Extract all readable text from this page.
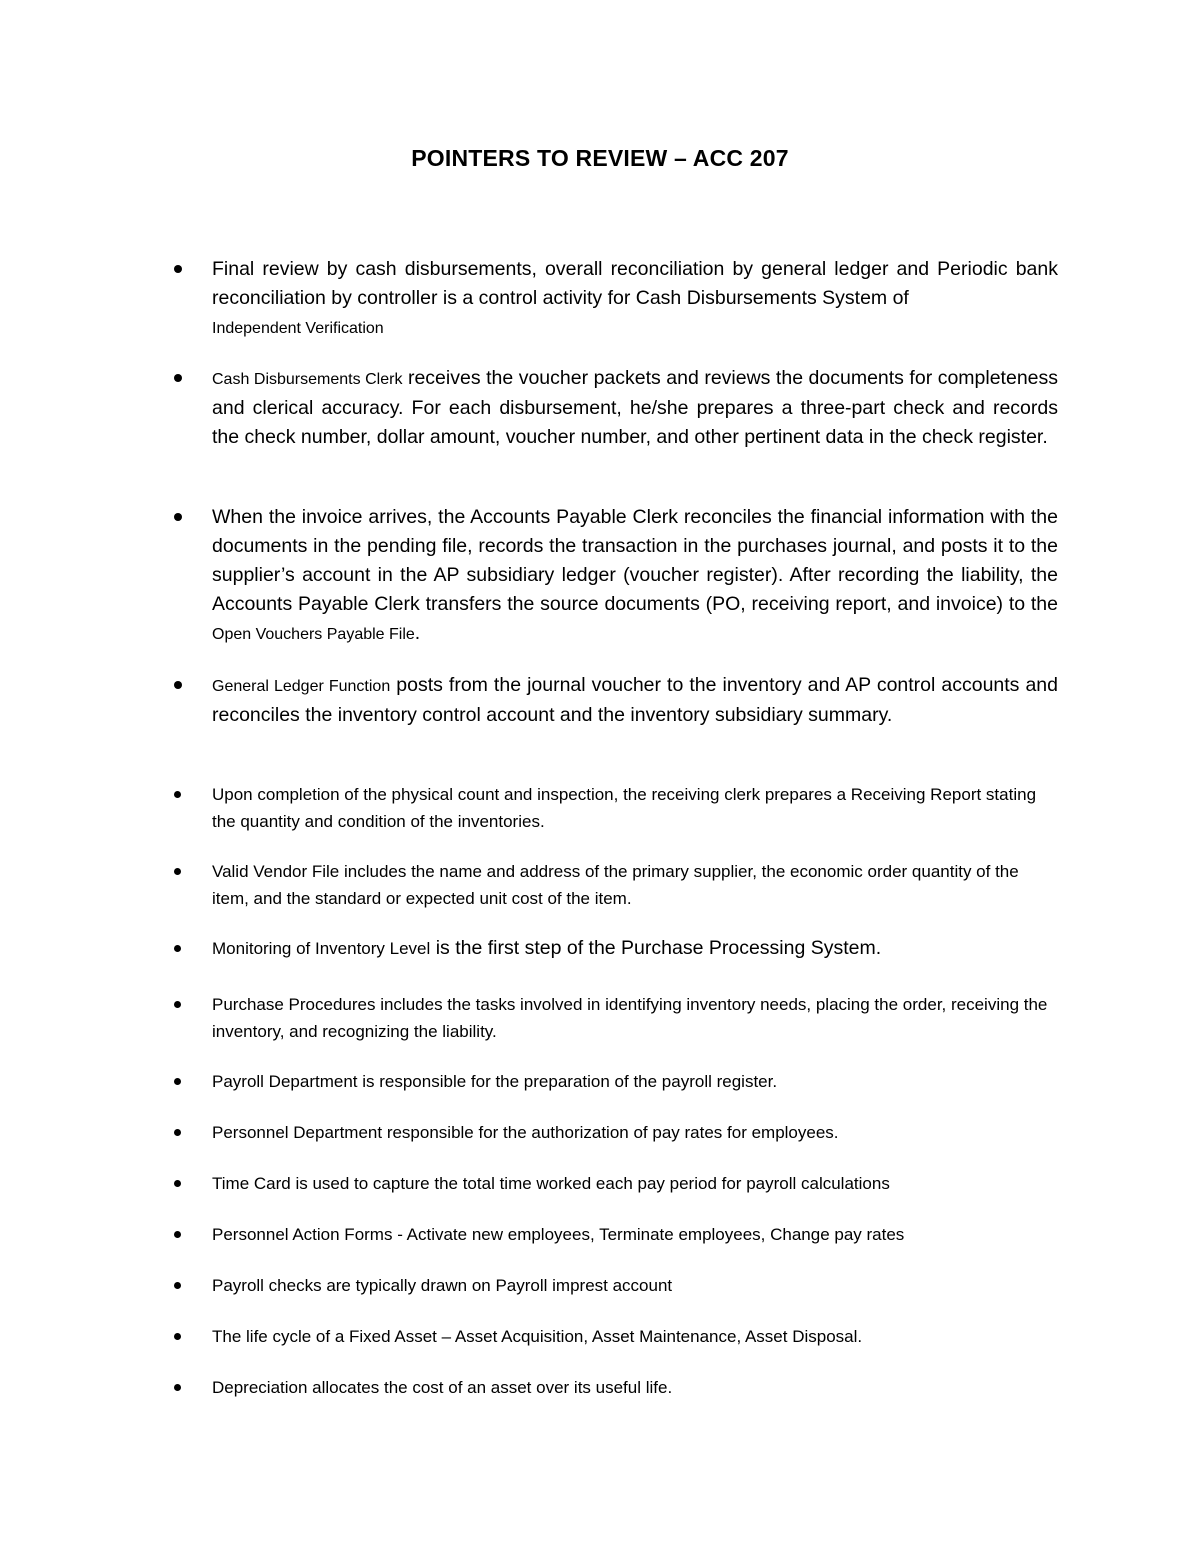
POINTERS TO REVIEW – ACC 207
Final review by cash disbursements, overall reconciliation by general ledger and Periodic bank reconciliation by controller is a control activity for Cash Disbursements System of
Independent Verification
Cash Disbursements Clerk receives the voucher packets and reviews the documents for completeness and clerical accuracy. For each disbursement, he/she prepares a three-part check and records the check number, dollar amount, voucher number, and other pertinent data in the check register.
When the invoice arrives, the Accounts Payable Clerk reconciles the financial information with the documents in the pending file, records the transaction in the purchases journal, and posts it to the supplier’s account in the AP subsidiary ledger (voucher register). After recording the liability, the Accounts Payable Clerk transfers the source documents (PO, receiving report, and invoice) to the Open Vouchers Payable File.
General Ledger Function posts from the journal voucher to the inventory and AP control accounts and reconciles the inventory control account and the inventory subsidiary summary.
Upon completion of the physical count and inspection, the receiving clerk prepares a Receiving Report stating the quantity and condition of the inventories.
Valid Vendor File includes the name and address of the primary supplier, the economic order quantity of the item, and the standard or expected unit cost of the item.
Monitoring of Inventory Level is the first step of the Purchase Processing System.
Purchase Procedures includes the tasks involved in identifying inventory needs, placing the order, receiving the inventory, and recognizing the liability.
Payroll Department is responsible for the preparation of the payroll register.
Personnel Department responsible for the authorization of pay rates for employees.
Time Card is used to capture the total time worked each pay period for payroll calculations
Personnel Action Forms - Activate new employees, Terminate employees, Change pay rates
Payroll checks are typically drawn on Payroll imprest account
The life cycle of a Fixed Asset – Asset Acquisition, Asset Maintenance, Asset Disposal.
Depreciation allocates the cost of an asset over its useful life.
